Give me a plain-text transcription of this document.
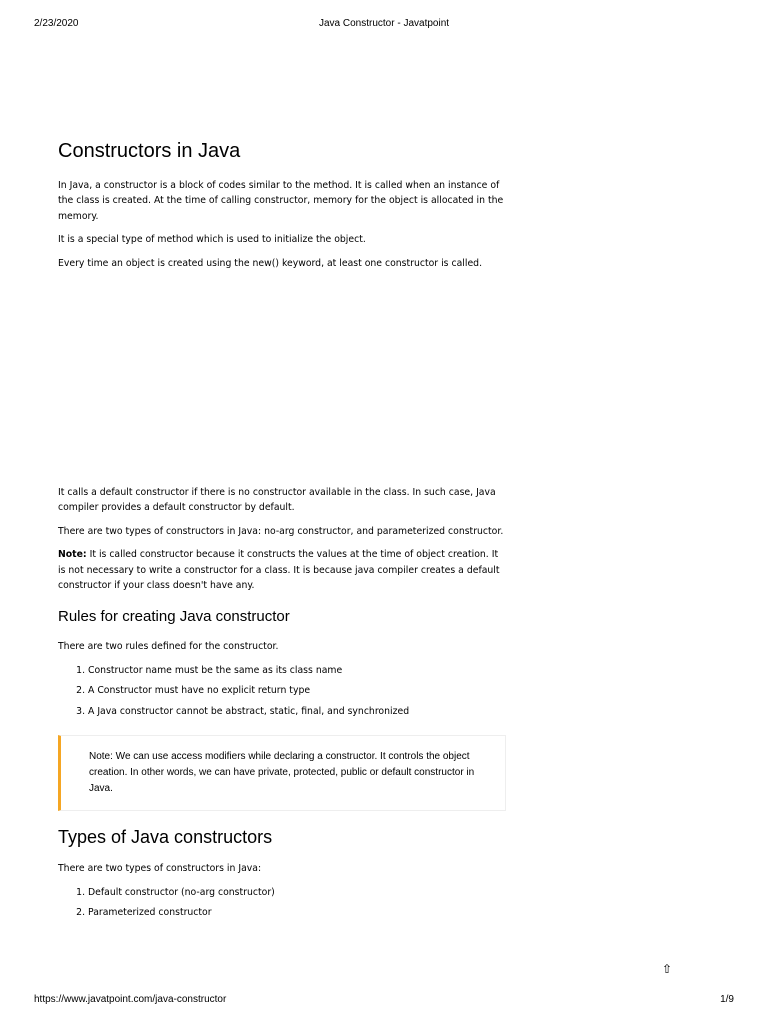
2/23/2020	Java Constructor - Javatpoint
Constructors in Java

In Java, a constructor is a block of codes similar to the method. It is called when an instance of the class is created. At the time of calling constructor, memory for the object is allocated in the memory.

It is a special type of method which is used to initialize the object.

Every time an object is created using the new() keyword, at least one constructor is called.

It calls a default constructor if there is no constructor available in the class. In such case, Java compiler provides a default constructor by default.

There are two types of constructors in Java: no-arg constructor, and parameterized constructor.

Note: It is called constructor because it constructs the values at the time of object creation. It is not necessary to write a constructor for a class. It is because java compiler creates a default constructor if your class doesn't have any.

Rules for creating Java constructor

There are two rules defined for the constructor.

1. Constructor name must be the same as its class name
2. A Constructor must have no explicit return type
3. A Java constructor cannot be abstract, static, final, and synchronized
Note: We can use access modifiers while declaring a constructor. It controls the object creation. In other words, we can have private, protected, public or default constructor in Java.
Types of Java constructors

There are two types of constructors in Java:

1. Default constructor (no-arg constructor)
2. Parameterized constructor
⇧
https://www.javatpoint.com/java-constructor	1/9
